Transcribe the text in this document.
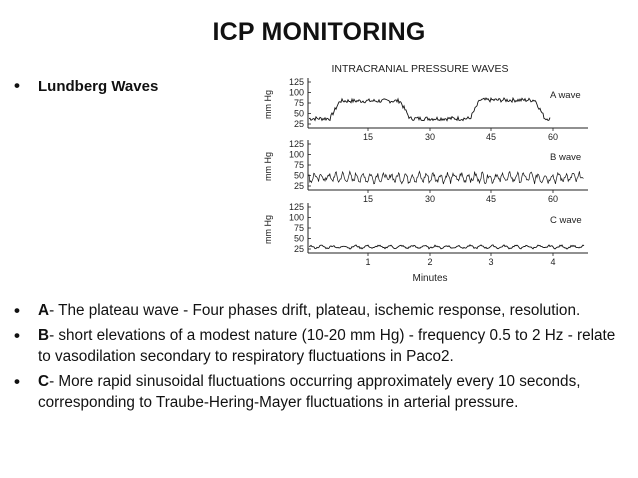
ICP MONITORING
• Lundberg Waves
INTRACRANIAL PRESSURE WAVES
125
100
75
50
25
mm Hg
15	30	45	60
A wave
125
100
75
50
25
mm Hg
15	30	45	60
B wave
125
100
75
50
25
mm Hg
1	2	3	4
C wave
Minutes
•	A- The plateau wave - Four phases drift, plateau, ischemic response, resolution.
•	B- short elevations of a modest nature (10-20 mm Hg) - frequency 0.5 to 2 Hz - relate to vasodilation secondary to respiratory fluctuations in Paco2.
•	C- More rapid sinusoidal fluctuations occurring approximately every 10 seconds, corresponding to Traube-Hering-Mayer fluctuations in arterial pressure.
